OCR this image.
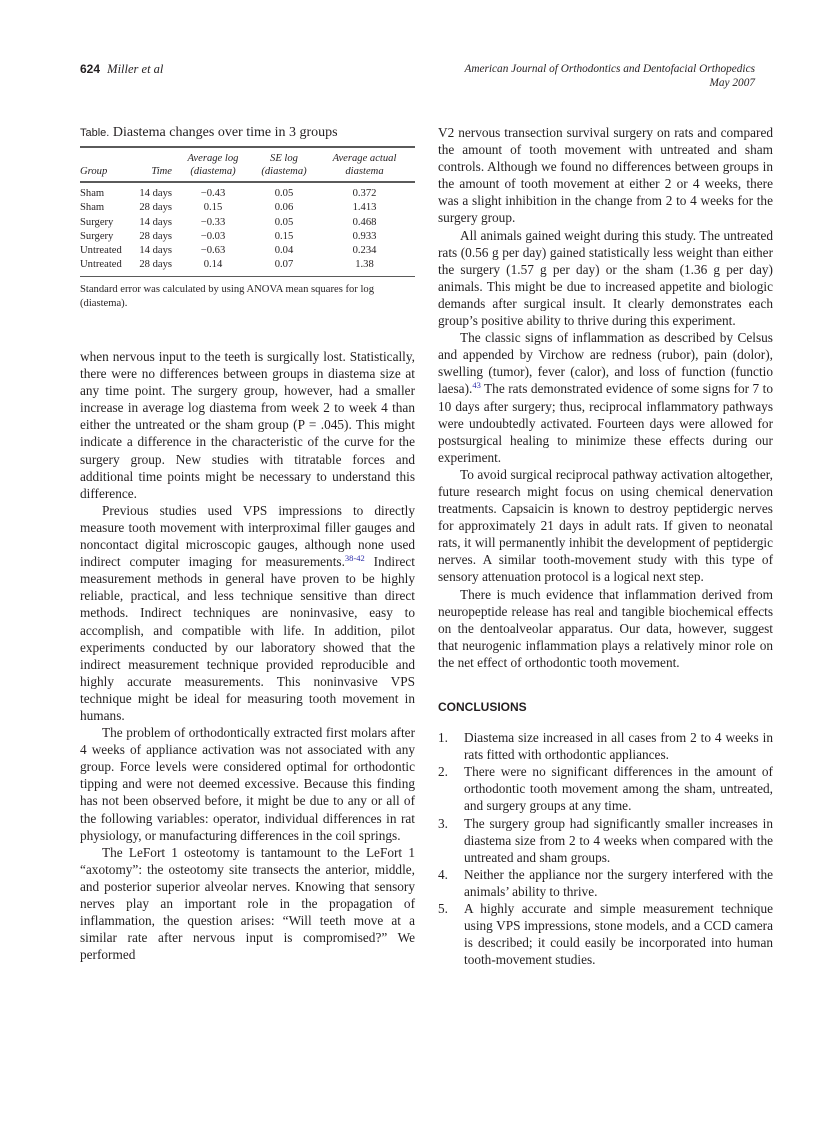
624 Miller et al	American Journal of Orthodontics and Dentofacial Orthopedics
May 2007
Table. Diastema changes over time in 3 groups
Group	Time	Average log (diastema)	SE log (diastema)	Average actual diastema
Sham	14 days	−0.43	0.05	0.372
Sham	28 days	0.15	0.06	1.413
Surgery	14 days	−0.33	0.05	0.468
Surgery	28 days	−0.03	0.15	0.933
Untreated	14 days	−0.63	0.04	0.234
Untreated	28 days	0.14	0.07	1.38
Standard error was calculated by using ANOVA mean squares for log (diastema).

when nervous input to the teeth is surgically lost. Statistically, there were no differences between groups in diastema size at any time point. The surgery group, however, had a smaller increase in average log diastema from week 2 to week 4 than either the untreated or the sham group (P = .045). This might indicate a difference in the characteristic of the curve for the surgery group. New studies with titratable forces and additional time points might be necessary to understand this difference.

Previous studies used VPS impressions to directly measure tooth movement with interproximal filler gauges and noncontact digital microscopic gauges, although none used indirect computer imaging for measurements.$^{38-42}$ Indirect measurement methods in general have proven to be highly reliable, practical, and less technique sensitive than direct methods. Indirect techniques are noninvasive, easy to accomplish, and compatible with life. In addition, pilot experiments conducted by our laboratory showed that the indirect measurement technique provided reproducible and highly accurate measurements. This noninvasive VPS technique might be ideal for measuring tooth movement in humans.

The problem of orthodontically extracted first molars after 4 weeks of appliance activation was not associated with any group. Force levels were considered optimal for orthodontic tipping and were not deemed excessive. Because this finding has not been observed before, it might be due to any or all of the following variables: operator, individual differences in rat physiology, or manufacturing differences in the coil springs.

The LeFort 1 osteotomy is tantamount to the LeFort 1 “axotomy”: the osteotomy site transects the anterior, middle, and posterior superior alveolar nerves. Knowing that sensory nerves play an important role in the propagation of inflammation, the question arises: “Will teeth move at a similar rate after nervous input is compromised?” We performed

V2 nervous transection survival surgery on rats and compared the amount of tooth movement with untreated and sham controls. Although we found no differences between groups in the amount of tooth movement at either 2 or 4 weeks, there was a slight inhibition in the change from 2 to 4 weeks for the surgery group.

All animals gained weight during this study. The untreated rats (0.56 g per day) gained statistically less weight than either the surgery (1.57 g per day) or the sham (1.36 g per day) animals. This might be due to increased appetite and biologic demands after surgical insult. It clearly demonstrates each group’s positive ability to thrive during this experiment.

The classic signs of inflammation as described by Celsus and appended by Virchow are redness (rubor), pain (dolor), swelling (tumor), fever (calor), and loss of function (functio laesa).$^{43}$ The rats demonstrated evidence of some signs for 7 to 10 days after surgery; thus, reciprocal inflammatory pathways were undoubtedly activated. Fourteen days were allowed for postsurgical healing to minimize these effects during our experiment.

To avoid surgical reciprocal pathway activation altogether, future research might focus on using chemical denervation treatments. Capsaicin is known to destroy peptidergic nerves for approximately 21 days in adult rats. If given to neonatal rats, it will permanently inhibit the development of peptidergic nerves. A similar tooth-movement study with this type of sensory attenuation protocol is a logical next step.

There is much evidence that inflammation derived from neuropeptide release has real and tangible biochemical effects on the dentoalveolar apparatus. Our data, however, suggest that neurogenic inflammation plays a relatively minor role on the net effect of orthodontic tooth movement.

CONCLUSIONS
1. Diastema size increased in all cases from 2 to 4 weeks in rats fitted with orthodontic appliances.
2. There were no significant differences in the amount of orthodontic tooth movement among the sham, untreated, and surgery groups at any time.
3. The surgery group had significantly smaller increases in diastema size from 2 to 4 weeks when compared with the untreated and sham groups.
4. Neither the appliance nor the surgery interfered with the animals’ ability to thrive.
5. A highly accurate and simple measurement technique using VPS impressions, stone models, and a CCD camera is described; it could easily be incorporated into human tooth-movement studies.
